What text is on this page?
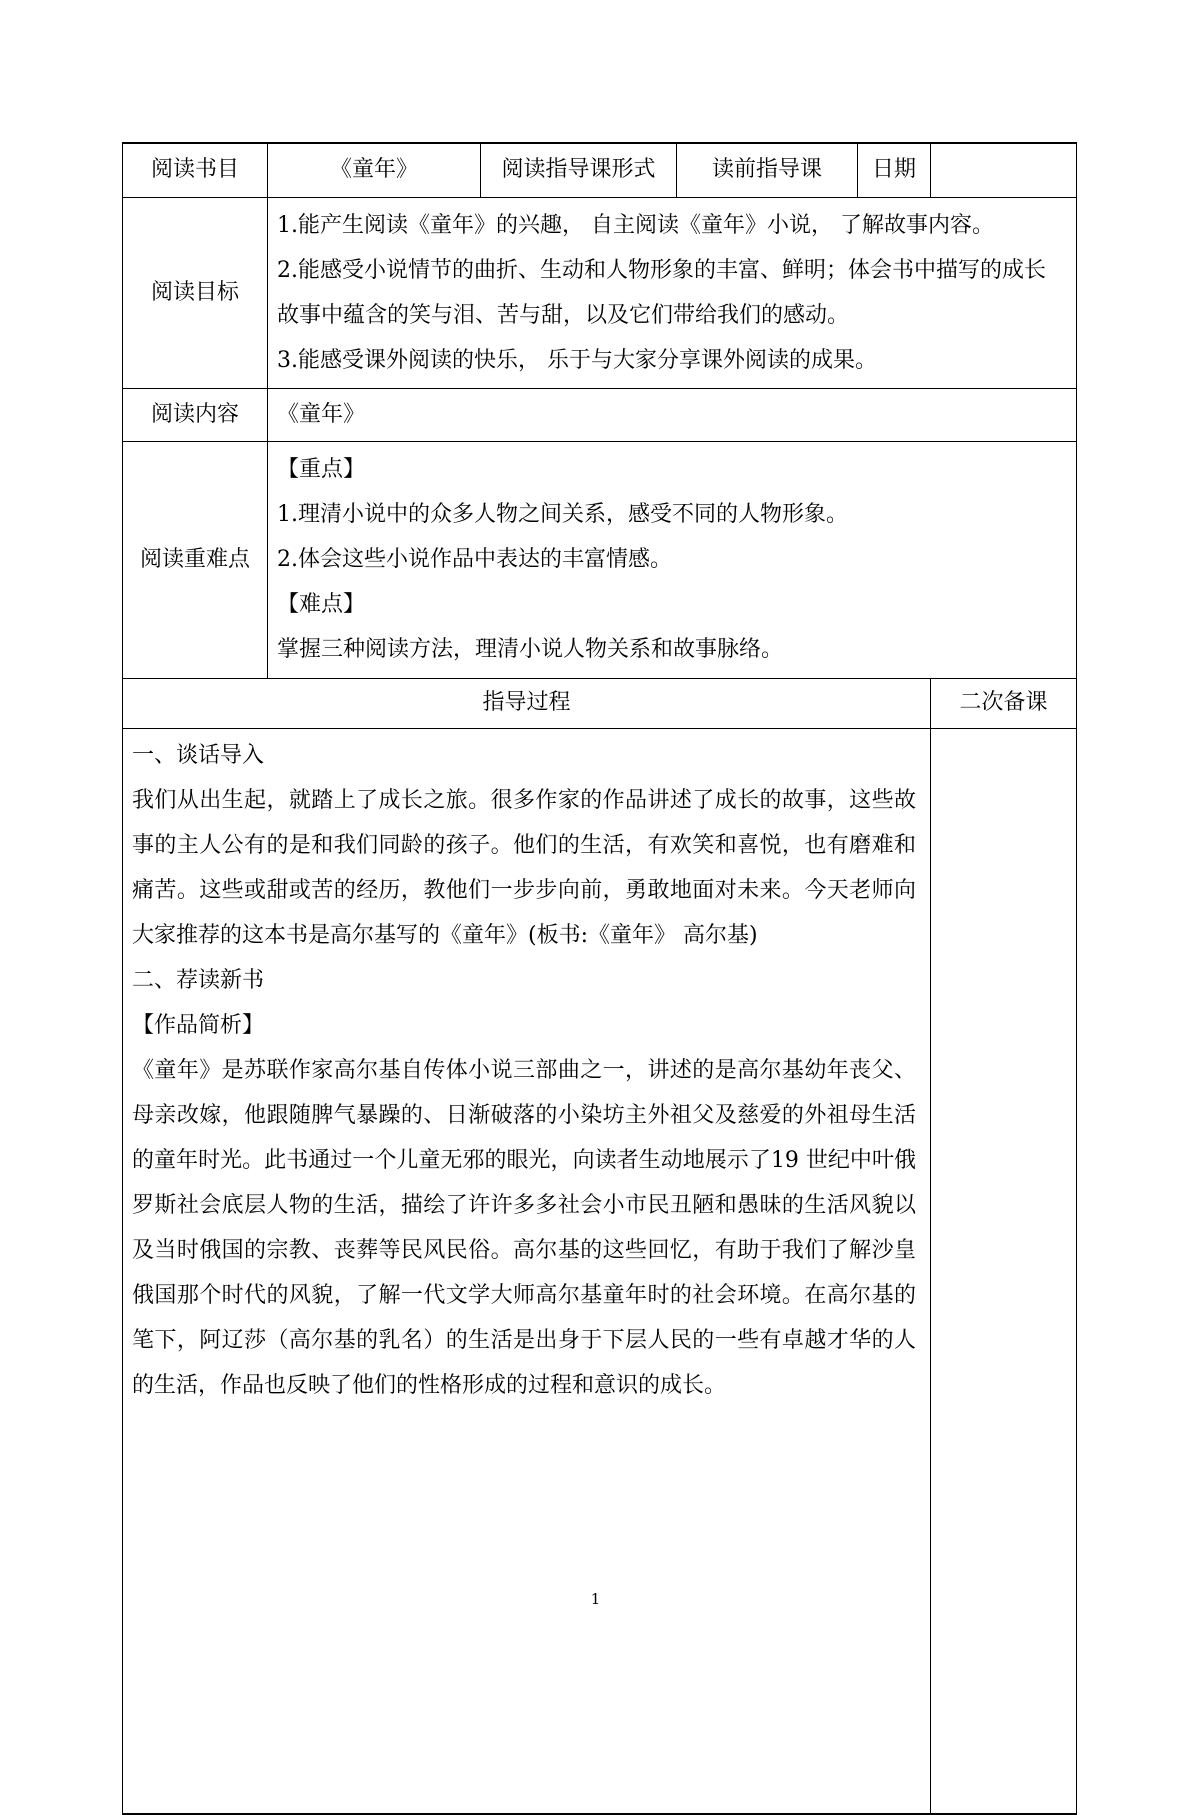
阅读书目	《童年》	阅读指导课形式	读前指导课	日期	
阅读目标	1.能产生阅读《童年》的兴趣， 自主阅读《童年》小说， 了解故事内容。
2.能感受小说情节的曲折、生动和人物形象的丰富、鲜明；体会书中描写的成长故事中蕴含的笑与泪、苦与甜，以及它们带给我们的感动。
3.能感受课外阅读的快乐， 乐于与大家分享课外阅读的成果。				

阅读内容	《童年》				
阅读重难点	【重点】
1.理清小说中的众多人物之间关系，感受不同的人物形象。
2.体会这些小说作品中表达的丰富情感。
【难点】
掌握三种阅读方法，理清小说人物关系和故事脉络。				

指导过程					二次备课

一、谈话导入
我们从出生起，就踏上了成长之旅。很多作家的作品讲述了成长的故事，这些故事的主人公有的是和我们同龄的孩子。他们的生活，有欢笑和喜悦，也有磨难和痛苦。这些或甜或苦的经历，教他们一步步向前，勇敢地面对未来。今天老师向大家推荐的这本书是高尔基写的《童年》(板书:《童年》 高尔基)
二、荐读新书
【作品简析】
《童年》是苏联作家高尔基自传体小说三部曲之一，讲述的是高尔基幼年丧父、母亲改嫁，他跟随脾气暴躁的、日渐破落的小染坊主外祖父及慈爱的外祖母生活的童年时光。此书通过一个儿童无邪的眼光，向读者生动地展示了19 世纪中叶俄罗斯社会底层人物的生活，描绘了许许多多社会小市民丑陋和愚昧的生活风貌以及当时俄国的宗教、丧葬等民风民俗。高尔基的这些回忆，有助于我们了解沙皇俄国那个时代的风貌，了解一代文学大师高尔基童年时的社会环境。在高尔基的笔下，阿辽莎（高尔基的乳名）的生活是出身于下层人民的一些有卓越才华的人的生活，作品也反映了他们的性格形成的过程和意识的成长。					

1
